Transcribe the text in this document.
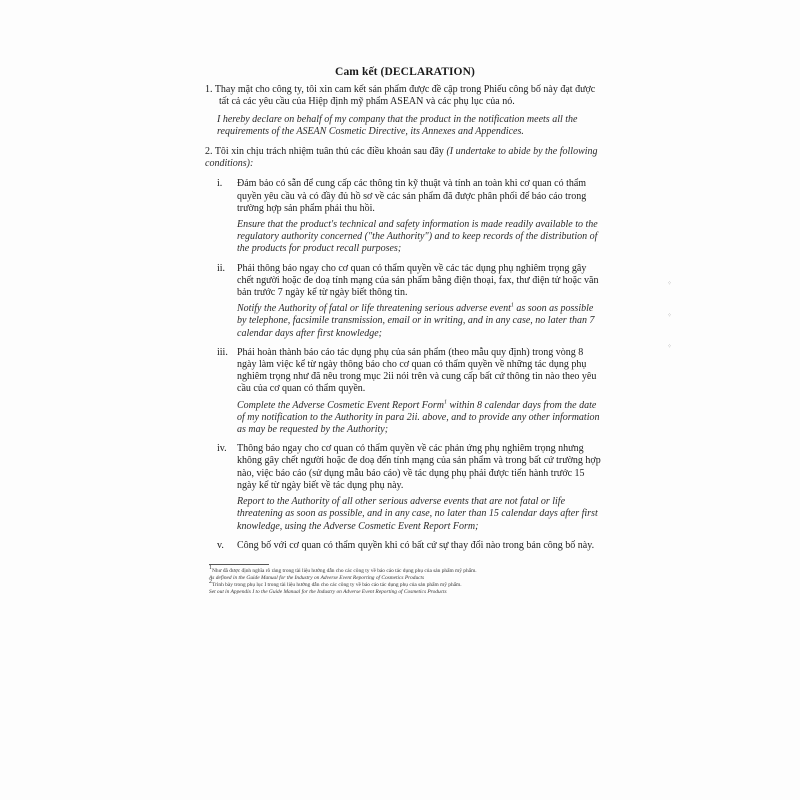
⁘
⁘
⁘

Cam kết (DECLARATION)

1. Thay mặt cho công ty, tôi xin cam kết sản phẩm được đề cập trong Phiếu công bố này đạt được tất cả các yêu cầu của Hiệp định mỹ phẩm ASEAN và các phụ lục của nó.

I hereby declare on behalf of my company that the product in the notification meets all the requirements of the ASEAN Cosmetic Directive, its Annexes and Appendices.

2. Tôi xin chịu trách nhiệm tuân thủ các điều khoản sau đây (I undertake to abide by the following conditions):

i. Đảm bảo có sẵn để cung cấp các thông tin kỹ thuật và tính an toàn khi cơ quan có thẩm quyền yêu cầu và có đầy đủ hồ sơ về các sản phẩm đã được phân phối để báo cáo trong trường hợp sản phẩm phải thu hồi.

Ensure that the product's technical and safety information is made readily available to the regulatory authority concerned ("the Authority") and to keep records of the distribution of the products for product recall purposes;

ii. Phải thông báo ngay cho cơ quan có thẩm quyền về các tác dụng phụ nghiêm trọng gây chết người hoặc đe doạ tính mạng của sản phẩm bằng điện thoại, fax, thư điện tử hoặc văn bản trước 7 ngày kể từ ngày biết thông tin.

Notify the Authority of fatal or life threatening serious adverse event$^1$ as soon as possible by telephone, facsimile transmission, email or in writing, and in any case, no later than 7 calendar days after first knowledge;

iii. Phải hoàn thành báo cáo tác dụng phụ của sản phẩm (theo mẫu quy định) trong vòng 8 ngày làm việc kể từ ngày thông báo cho cơ quan có thẩm quyền về những tác dụng phụ nghiêm trọng như đã nêu trong mục 2ii nói trên và cung cấp bất cứ thông tin nào theo yêu cầu của cơ quan có thẩm quyền.

Complete the Adverse Cosmetic Event Report Form$^1$ within 8 calendar days from the date of my notification to the Authority in para 2ii. above, and to provide any other information as may be requested by the Authority;

iv. Thông báo ngay cho cơ quan có thẩm quyền về các phản ứng phụ nghiêm trọng nhưng không gây chết người hoặc đe doạ đến tính mạng của sản phẩm và trong bất cứ trường hợp nào, việc báo cáo (sử dụng mẫu báo cáo) về tác dụng phụ phải được tiến hành trước 15 ngày kể từ ngày biết về tác dụng phụ này.

Report to the Authority of all other serious adverse events that are not fatal or life threatening as soon as possible, and in any case, no later than 15 calendar days after first knowledge, using the Adverse Cosmetic Event Report Form;

v. Công bố với cơ quan có thẩm quyền khi có bất cứ sự thay đổi nào trong bản công bố này.

$^1$Như đã được định nghĩa rõ ràng trong tài liệu hướng dẫn cho các công ty về báo cáo tác dụng phụ của sản phẩm mỹ phẩm.

As defined in the Guide Manual for the Industry on Adverse Event Reporting of Cosmetics Products

$^2$Trình bày trong phụ lục I trong tài liệu hướng dẫn cho các công ty về báo cáo tác dụng phụ của sản phẩm mỹ phẩm.

Set out in Appendix I to the Guide Manual for the Industry on Adverse Event Reporting of Cosmetics Products
